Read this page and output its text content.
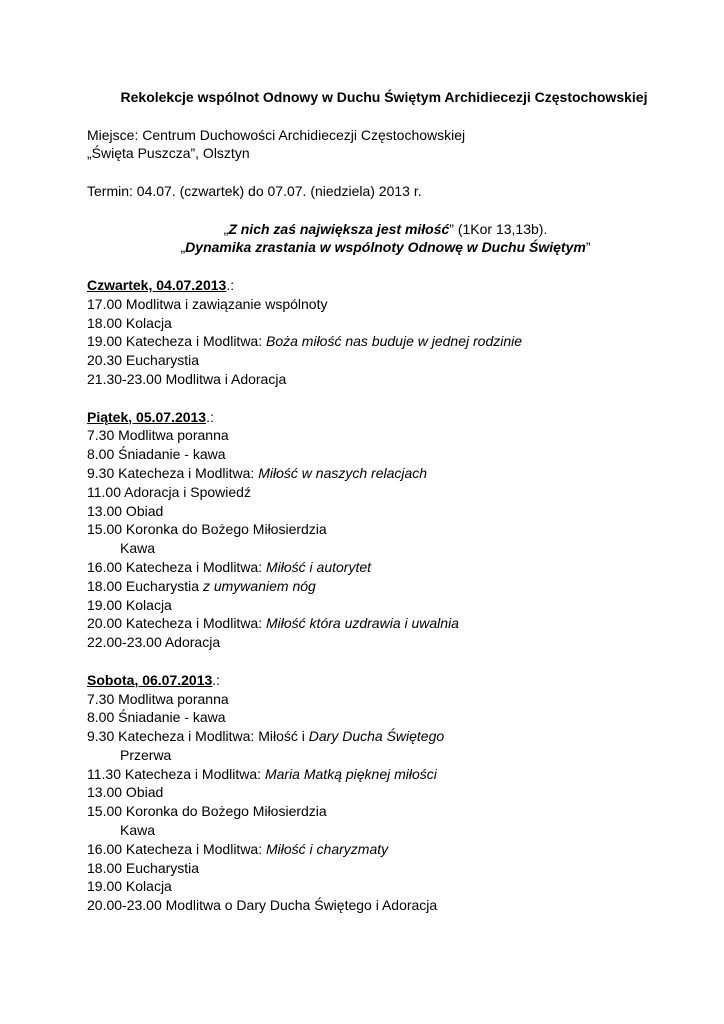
Rekolekcje wspólnot Odnowy w Duchu Świętym Archidiecezji Częstochowskiej
Miejsce: Centrum Duchowości Archidiecezji Częstochowskiej
„Święta Puszcza”, Olsztyn
Termin: 04.07. (czwartek) do 07.07. (niedziela) 2013 r.
„Z nich zaś największa jest miłość” (1Kor 13,13b).
„Dynamika zrastania w wspólnoty Odnowę w Duchu Świętym”
Czwartek, 04.07.2013.:
17.00 Modlitwa i zawiązanie wspólnoty
18.00 Kolacja
19.00 Katecheza i Modlitwa: Boża miłość nas buduje w jednej rodzinie
20.30 Eucharystia
21.30-23.00 Modlitwa i Adoracja
Piątek, 05.07.2013.:
7.30 Modlitwa poranna
8.00 Śniadanie - kawa
9.30 Katecheza i Modlitwa: Miłość w naszych relacjach
11.00 Adoracja i Spowiedź
13.00 Obiad
15.00 Koronka do Bożego Miłosierdzia
Kawa
16.00 Katecheza i Modlitwa: Miłość i autorytet
18.00 Eucharystia z umywaniem nóg
19.00 Kolacja
20.00 Katecheza i Modlitwa: Miłość która uzdrawia i uwalnia
22.00-23.00 Adoracja
Sobota, 06.07.2013.:
7.30 Modlitwa poranna
8.00 Śniadanie - kawa
9.30 Katecheza i Modlitwa: Miłość i Dary Ducha Świętego
Przerwa
11.30 Katecheza i Modlitwa: Maria Matką pięknej miłości
13.00 Obiad
15.00 Koronka do Bożego Miłosierdzia
Kawa
16.00 Katecheza i Modlitwa: Miłość i charyzmaty
18.00 Eucharystia
19.00 Kolacja
20.00-23.00 Modlitwa o Dary Ducha Świętego i Adoracja
